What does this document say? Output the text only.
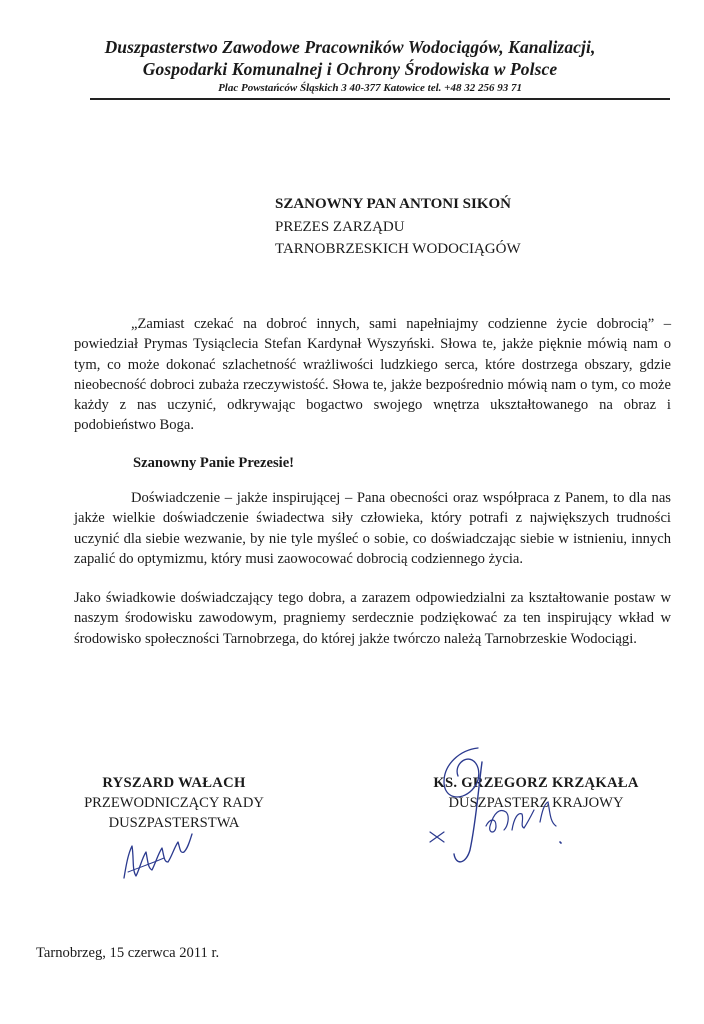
Duszpasterstwo Zawodowe Pracowników Wodociągów, Kanalizacji,
Gospodarki Komunalnej i Ochrony Środowiska w Polsce
Plac Powstańców Śląskich 3 40-377 Katowice tel. +48 32 256 93 71
SZANOWNY PAN ANTONI SIKOŃ
PREZES ZARZĄDU
TARNOBRZESKICH WODOCIĄGÓW
„Zamiast czekać na dobroć innych, sami napełniajmy codzienne życie dobrocią” – powiedział Prymas Tysiąclecia Stefan Kardynał Wyszyński. Słowa te, jakże pięknie mówią nam o tym, co może dokonać szlachetność wrażliwości ludzkiego serca, które dostrzega obszary, gdzie nieobecność dobroci zubaża rzeczywistość. Słowa te, jakże bezpośrednio mówią nam o tym, co może każdy z nas uczynić, odkrywając bogactwo swojego wnętrza ukształtowanego na obraz i podobieństwo Boga.
Szanowny Panie Prezesie!
Doświadczenie – jakże inspirującej – Pana obecności oraz współpraca z Panem, to dla nas jakże wielkie doświadczenie świadectwa siły człowieka, który potrafi z największych trudności uczynić dla siebie wezwanie, by nie tyle myśleć o sobie, co doświadczając siebie w istnieniu, innych zapalić do optymizmu, który musi zaowocować dobrocią codziennego życia.
Jako świadkowie doświadczający tego dobra, a zarazem odpowiedzialni za kształtowanie postaw w naszym środowisku zawodowym, pragniemy serdecznie podziękować za ten inspirujący wkład w środowisko społeczności Tarnobrzega, do której jakże twórczo należą Tarnobrzeskie Wodociągi.
RYSZARD WAŁACH
PRZEWODNICZĄCY RADY
DUSZPASTERSTWA
KS. GRZEGORZ KRZĄKAŁA
DUSZPASTERZ KRAJOWY
Tarnobrzeg, 15 czerwca 2011 r.
